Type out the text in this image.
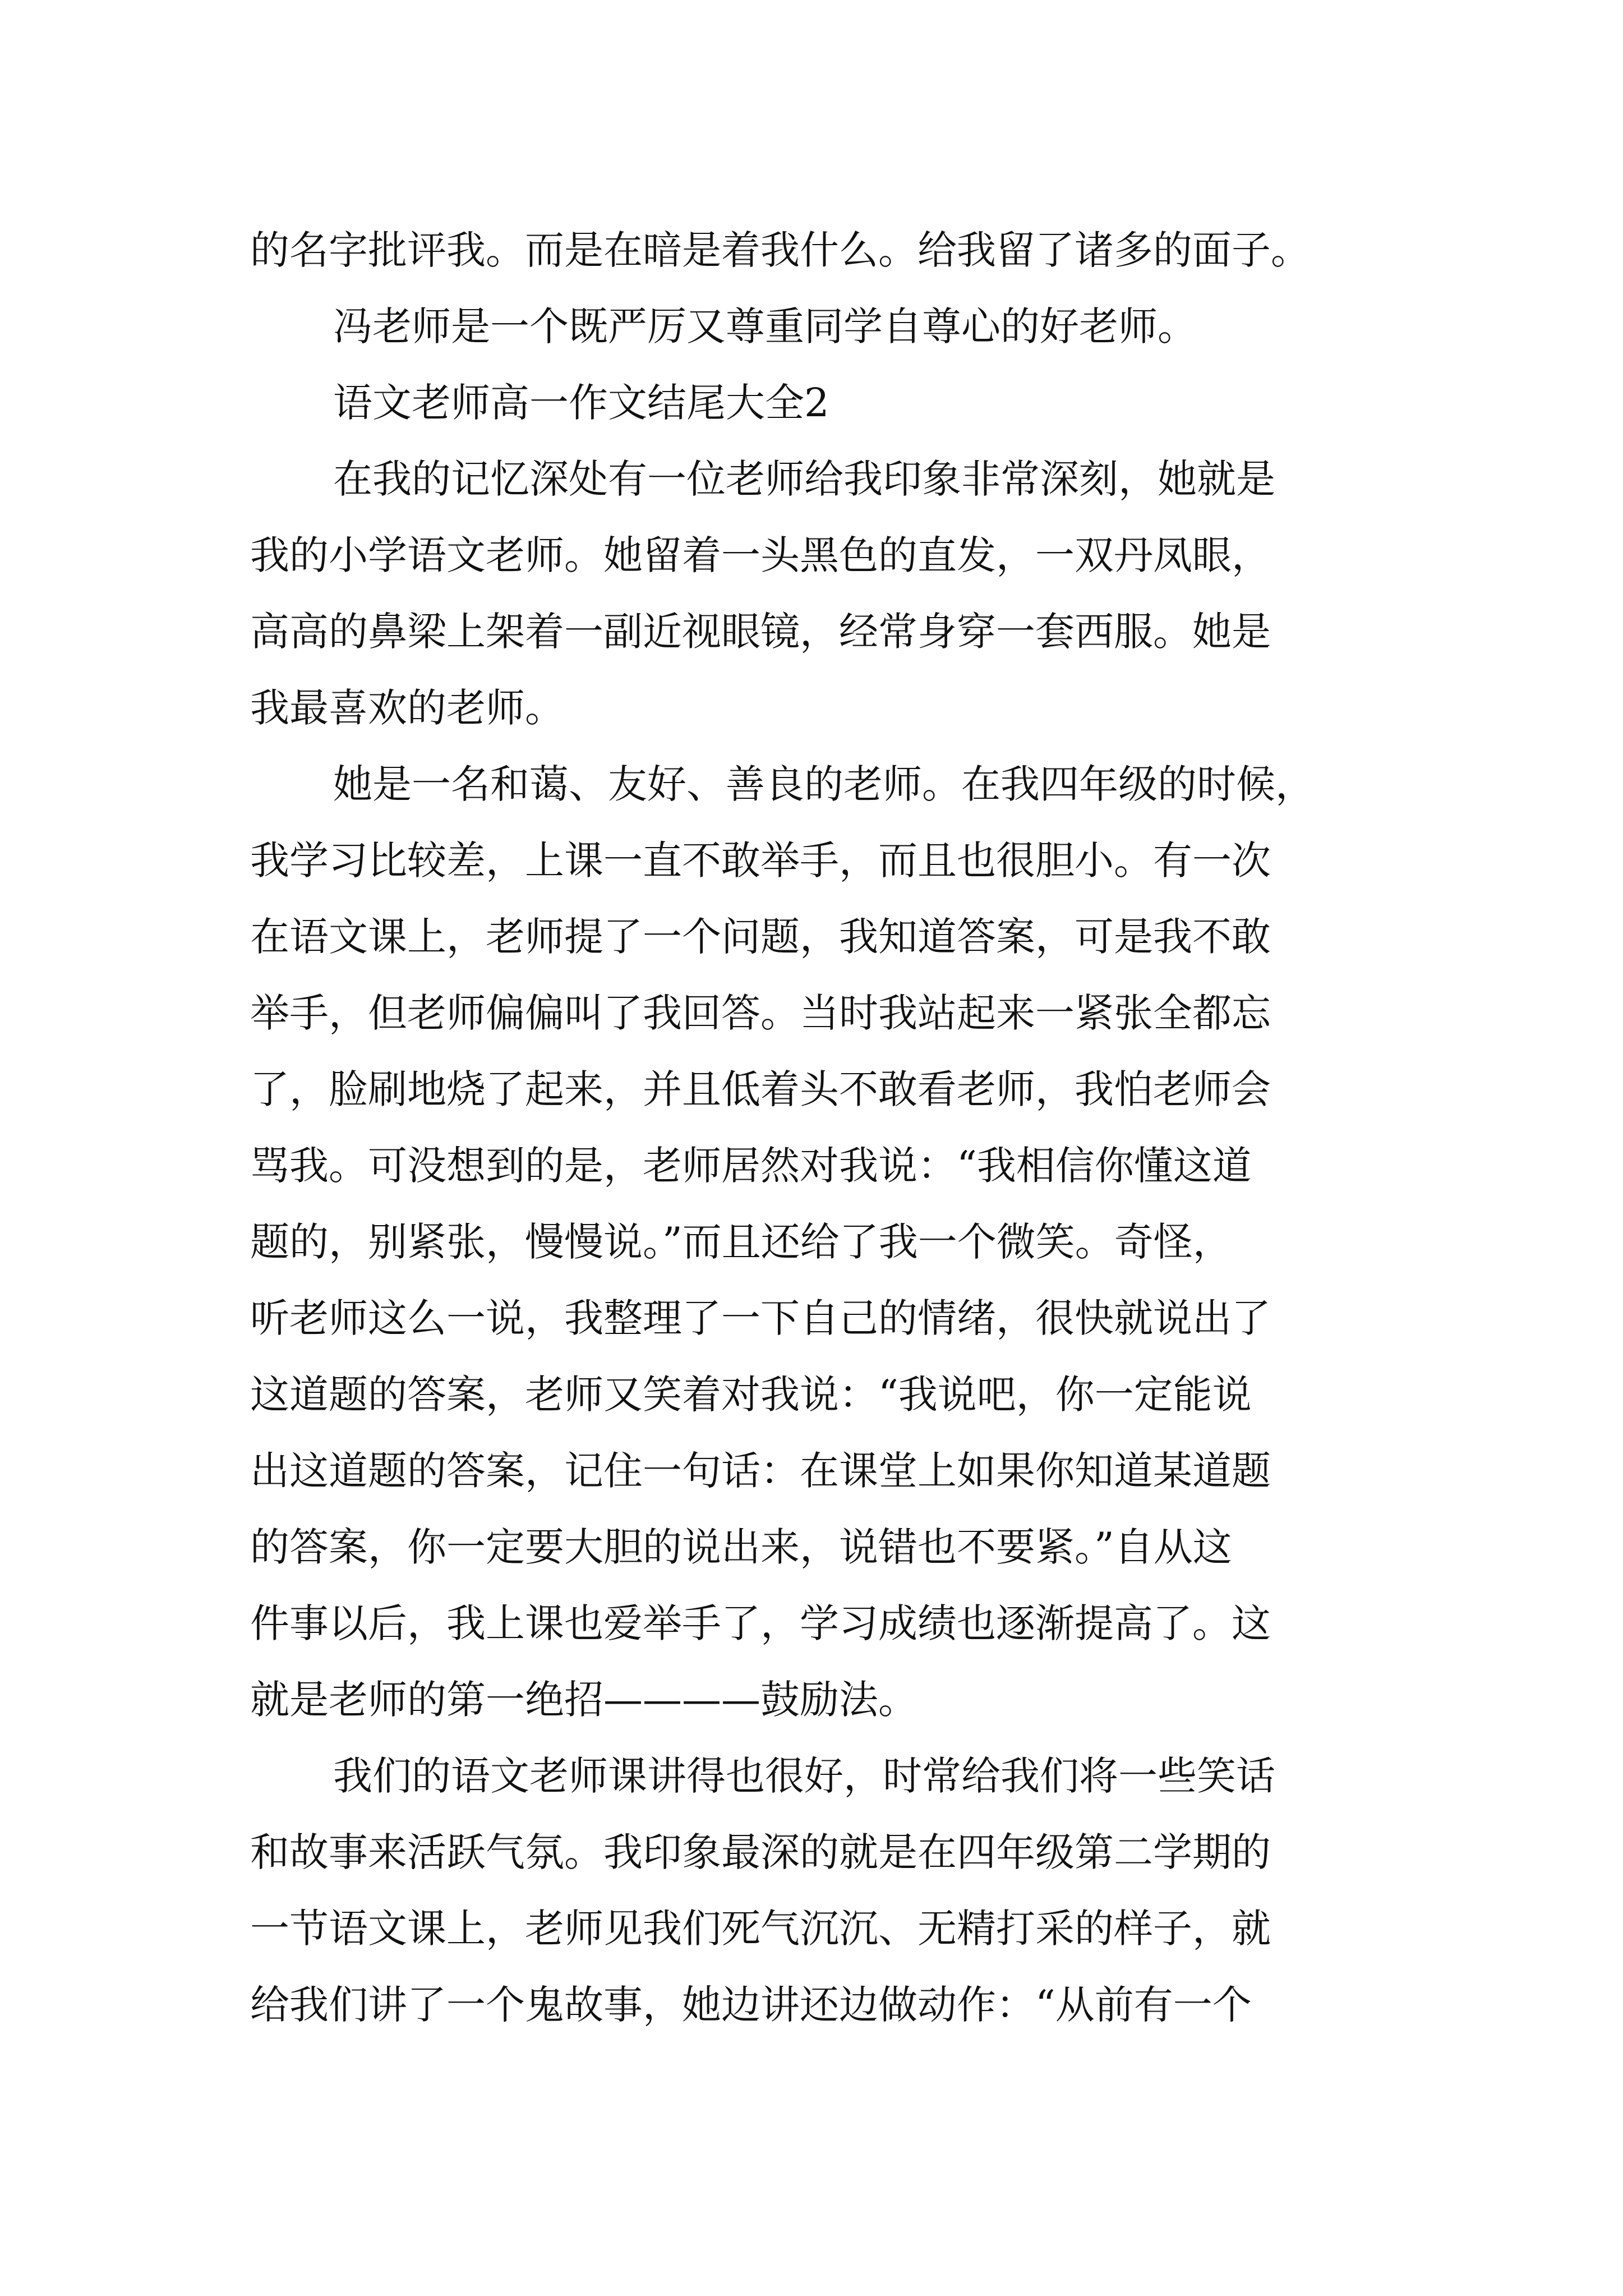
的名字批评我。而是在暗是着我什么。给我留了诸多的面子。
冯老师是一个既严厉又尊重同学自尊心的好老师。
语文老师高一作文结尾大全2
在我的记忆深处有一位老师给我印象非常深刻，她就是
我的小学语文老师。她留着一头黑色的直发，一双丹凤眼，
高高的鼻梁上架着一副近视眼镜，经常身穿一套西服。她是
我最喜欢的老师。
她是一名和蔼、友好、善良的老师。在我四年级的时候，
我学习比较差，上课一直不敢举手，而且也很胆小。有一次
在语文课上，老师提了一个问题，我知道答案，可是我不敢
举手，但老师偏偏叫了我回答。当时我站起来一紧张全都忘
了，脸刷地烧了起来，并且低着头不敢看老师，我怕老师会
骂我。可没想到的是，老师居然对我说：“我相信你懂这道
题的，别紧张，慢慢说。”而且还给了我一个微笑。奇怪，
听老师这么一说，我整理了一下自己的情绪，很快就说出了
这道题的答案，老师又笑着对我说：“我说吧，你一定能说
出这道题的答案，记住一句话：在课堂上如果你知道某道题
的答案，你一定要大胆的说出来，说错也不要紧。”自从这
件事以后，我上课也爱举手了，学习成绩也逐渐提高了。这
就是老师的第一绝招————鼓励法。
我们的语文老师课讲得也很好，时常给我们将一些笑话
和故事来活跃气氛。我印象最深的就是在四年级第二学期的
一节语文课上，老师见我们死气沉沉、无精打采的样子，就
给我们讲了一个鬼故事，她边讲还边做动作：“从前有一个
